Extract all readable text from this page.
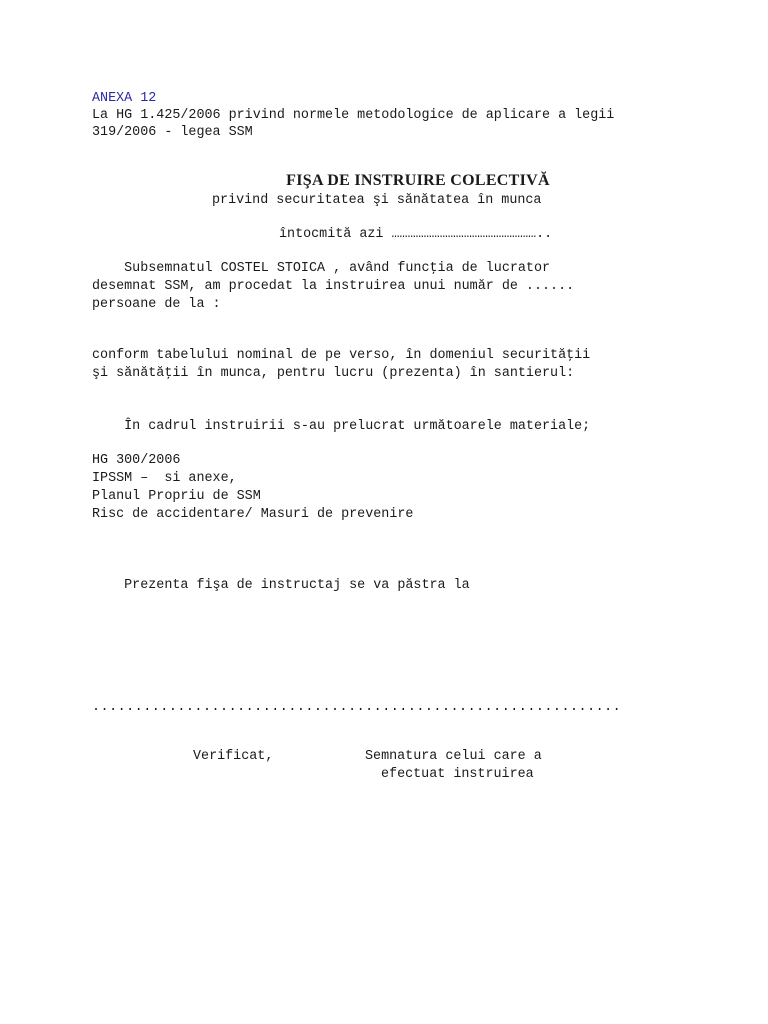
ANEXA 12
La HG 1.425/2006 privind normele metodologice de aplicare a legii
319/2006 - legea SSM
FIŞA DE INSTRUIRE COLECTIVĂ
privind securitatea şi sănătatea în munca
întocmită azi ………………………………………………..
Subsemnatul COSTEL STOICA , având funcţia de lucrator
desemnat SSM, am procedat la instruirea unui număr de ......
persoane de la :
conform tabelului nominal de pe verso, în domeniul securităţii
şi sănătăţii în munca, pentru lucru (prezenta) în santierul:
În cadrul instruirii s-au prelucrat următoarele materiale;
HG 300/2006
IPSSM –  si anexe,
Planul Propriu de SSM
Risc de accidentare/ Masuri de prevenire
Prezenta fişa de instructaj se va păstra la
..............................................................
Verificat,	Semnatura celui care a
efectuat instruirea
